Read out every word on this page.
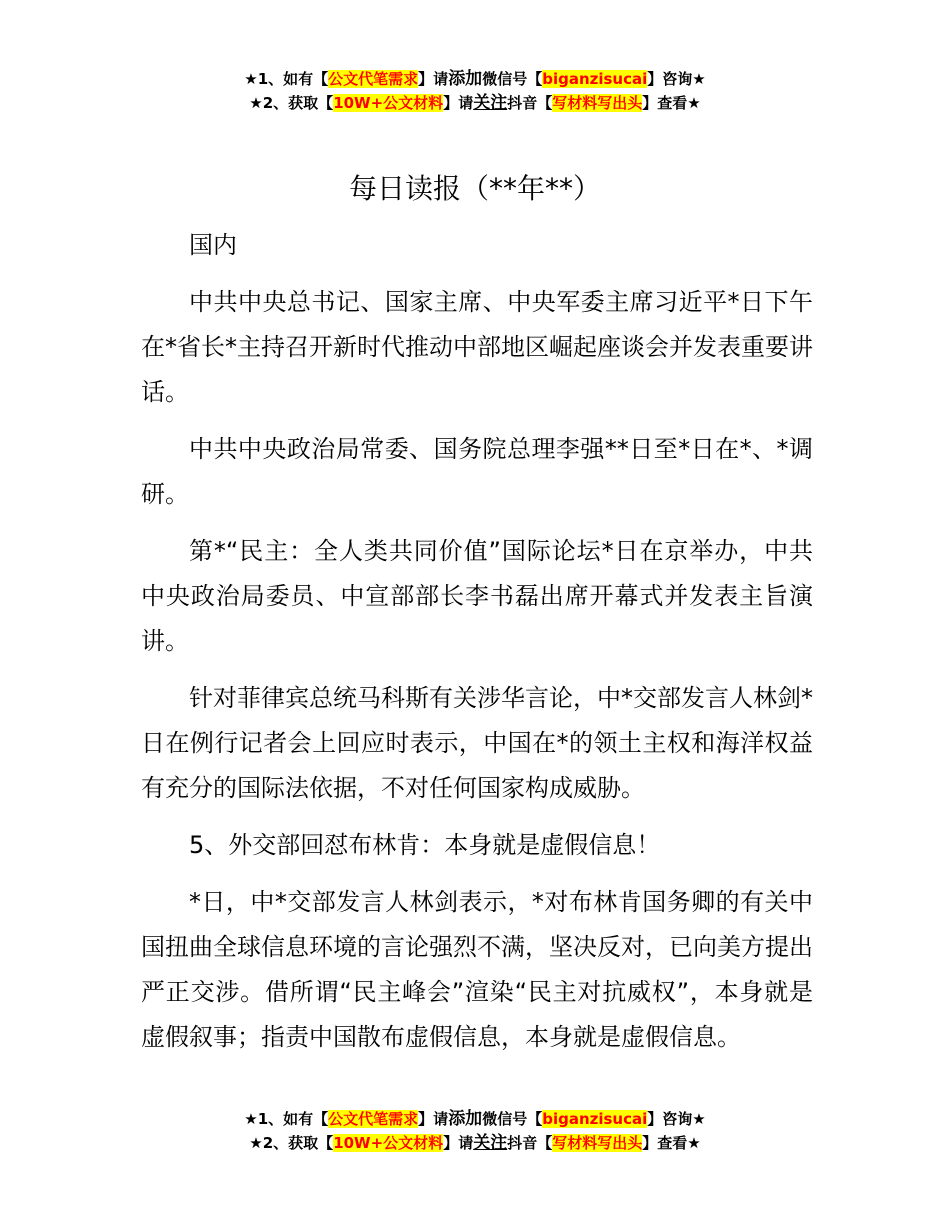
★1、如有【公文代笔需求】请添加微信号【biganzisucai】咨询★
★2、获取【10W+公文材料】请关注抖音【写材料写出头】查看★
每日读报（**年**）

国内

中共中央总书记、国家主席、中央军委主席习近平*日下午在*省长*主持召开新时代推动中部地区崛起座谈会并发表重要讲话。

中共中央政治局常委、国务院总理李强**日至*日在*、*调研。

第*“民主：全人类共同价值”国际论坛*日在京举办，中共中央政治局委员、中宣部部长李书磊出席开幕式并发表主旨演讲。

针对菲律宾总统马科斯有关涉华言论，中*交部发言人林剑*日在例行记者会上回应时表示，中国在*的领土主权和海洋权益有充分的国际法依据，不对任何国家构成威胁。

5、外交部回怼布林肯：本身就是虚假信息！

*日，中*交部发言人林剑表示，*对布林肯国务卿的有关中国扭曲全球信息环境的言论强烈不满，坚决反对，已向美方提出严正交涉。借所谓“民主峰会”渲染“民主对抗威权”，本身就是虚假叙事；指责中国散布虚假信息，本身就是虚假信息。

★1、如有【公文代笔需求】请添加微信号【biganzisucai】咨询★
★2、获取【10W+公文材料】请关注抖音【写材料写出头】查看★
